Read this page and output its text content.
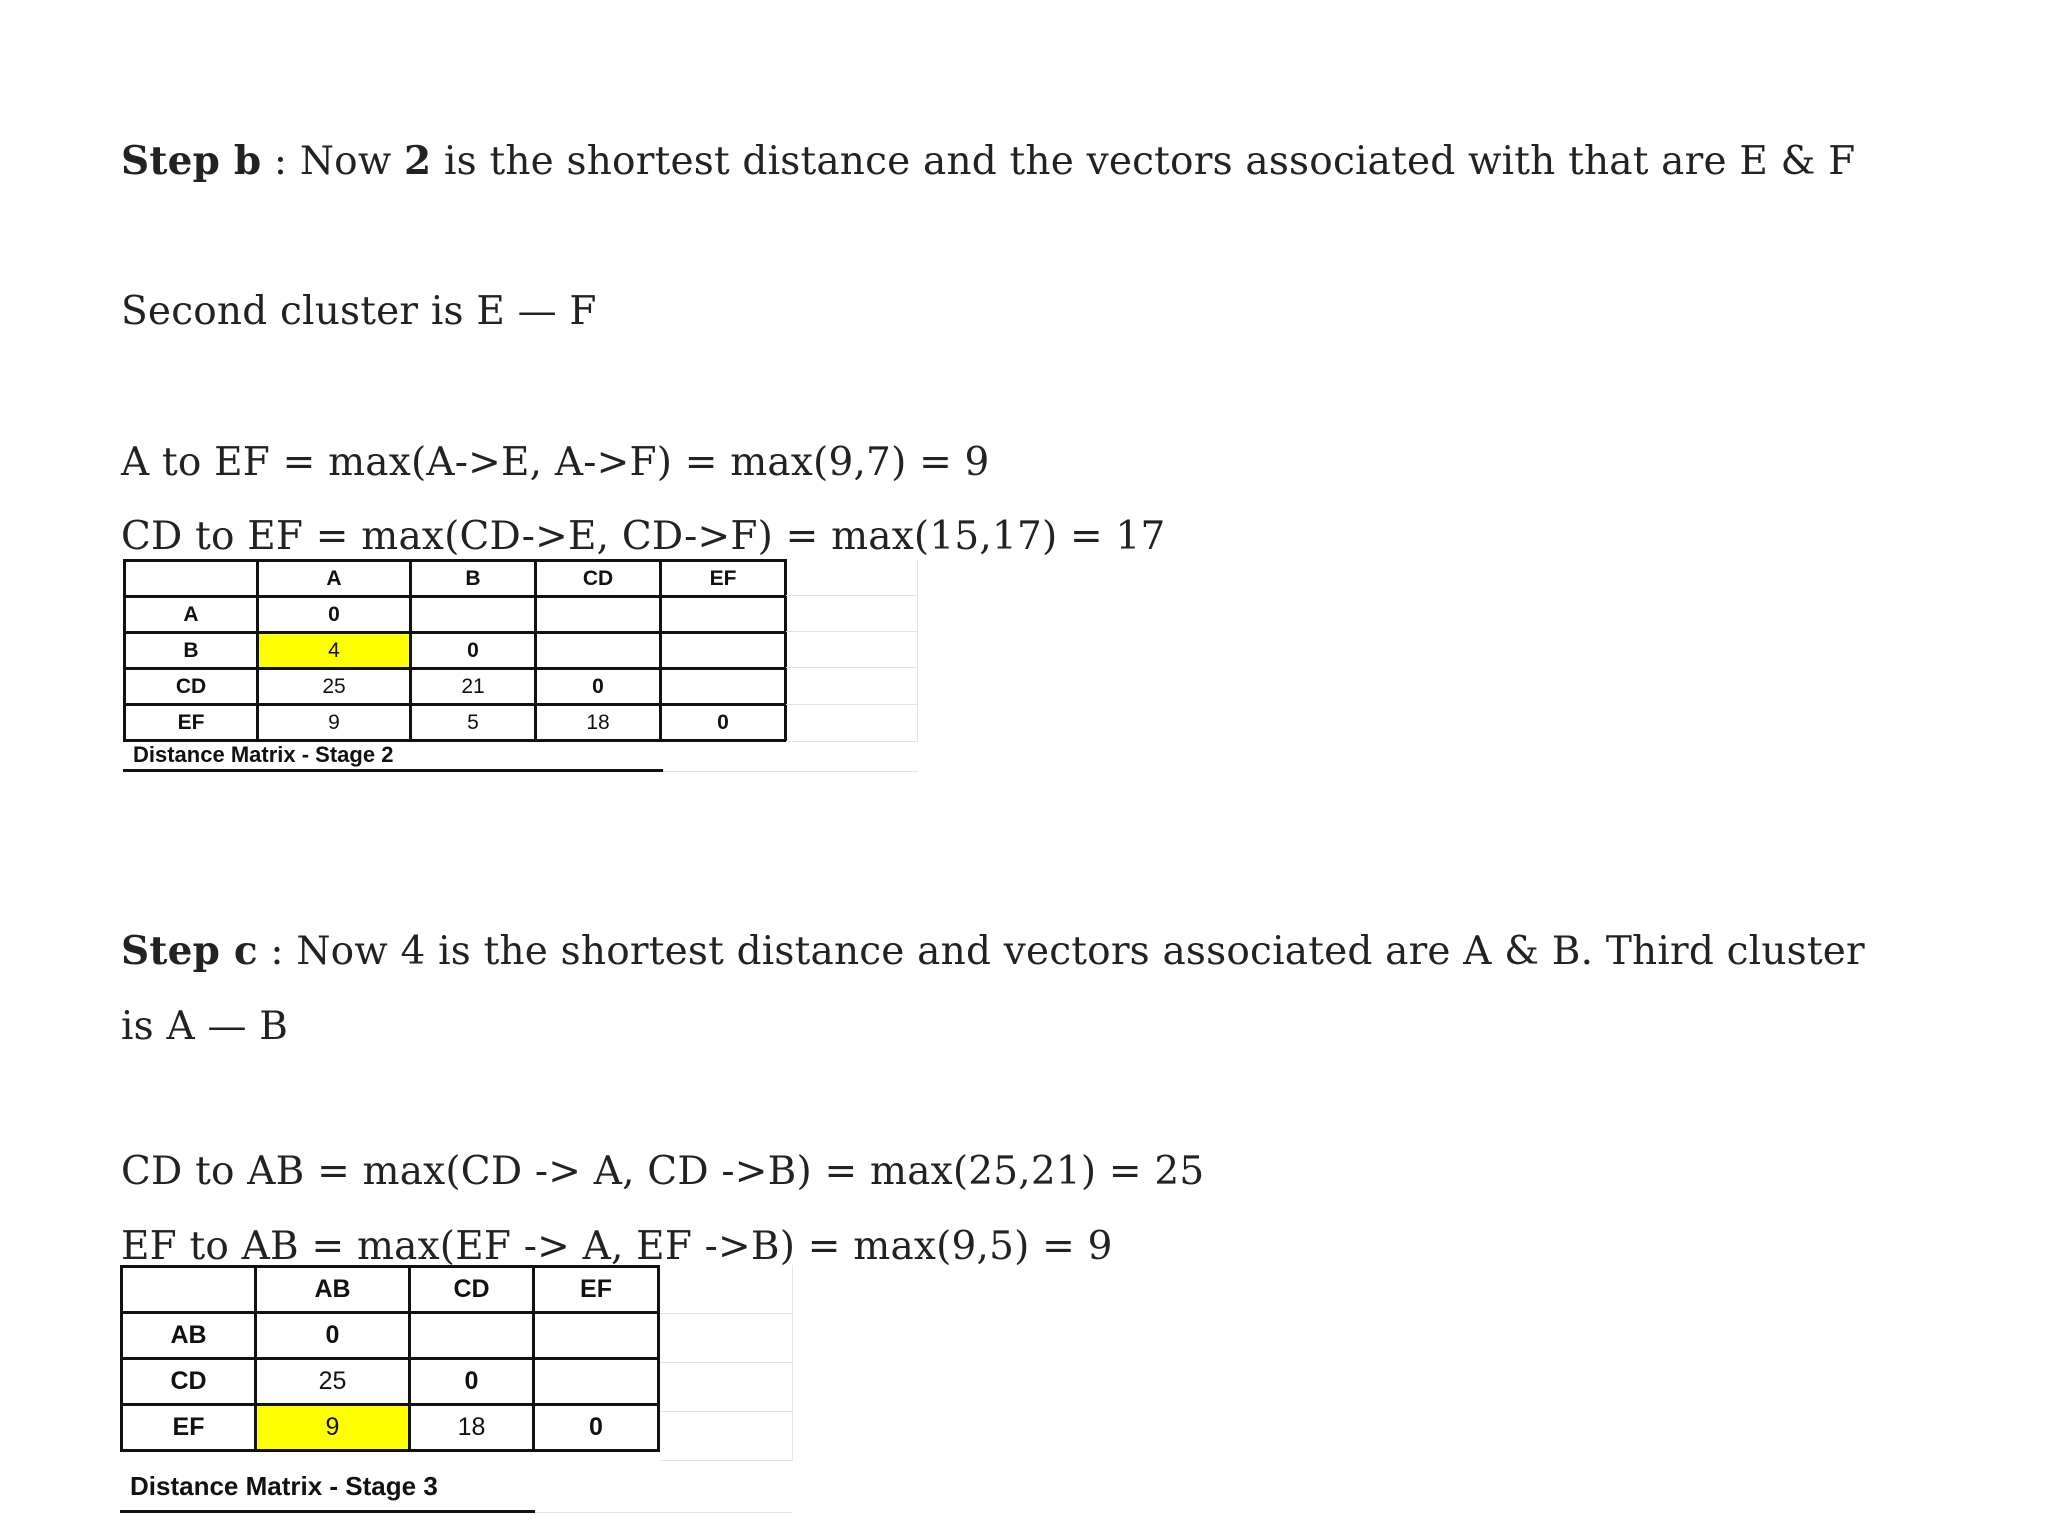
Step b : Now 2 is the shortest distance and the vectors associated with that are E & F
Second cluster is E — F
A to EF = max(A->E, A->F) = max(9,7) = 9
CD to EF = max(CD->E, CD->F) = max(15,17) = 17
	A	B	CD	EF
A	0			
B	4	0		
CD	25	21	0	
EF	9	5	18	0
Distance Matrix - Stage 2
Step c : Now 4 is the shortest distance and vectors associated are A & B. Third cluster
is A — B
CD to AB = max(CD -> A, CD ->B) = max(25,21) = 25
EF to AB = max(EF -> A, EF ->B) = max(9,5) = 9
	AB	CD	EF
AB	0		
CD	25	0	
EF	9	18	0
Distance Matrix - Stage 3
